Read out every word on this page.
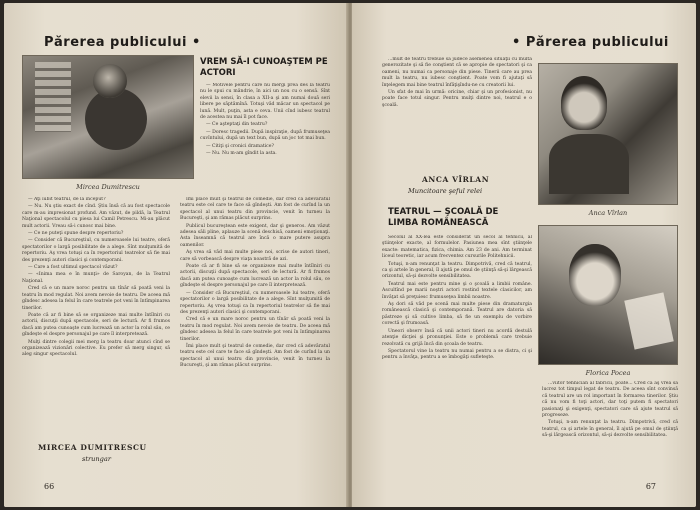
Părerea publicului •
Mircea Dumitrescu
VREM SĂ-I CUNOAŞTEM PE ACTORI

— Motivele pentru care nu mergi prea des la teatru nu le spui cu mândrie, în aici un nou cu o sensă. Sînt elevii la sensi, în clasa a XII-a şi am numai două seri libere pe săptămînă. Totuşi văd măcar un spectacol pe lună. Mult, puţin, asta e ceva. Unii cînd iubesc teatrul de acestea nu mai îl pot face.

— Ce aşteptaţi din teatru?

— Doresc tragedii. După inspiraţie, după frumuseţea cuvîntului, după un text bun, după un joc tot mai bun.

— Citiţi şi cronici dramatice?

— Nu. Nu m-am gîndit la asta.

— Aţi iubit teatrul, de la început?

— Nu. Nu ştiu exact de cînd. Ştiu însă că au fost spectacole care m-au impresionat profund. Am văzut, de pildă, la Teatrul Naţional spectacolul cu piesa lui Camil Petrescu. Mi-au plăcut mult actorii. Vreau să-i cunosc mai bine.

— Ce ne puteţi spune despre repertoriu?

— Consider că Bucureştiul, cu numeroasele lui teatre, oferă spectatorilor o largă posibilitate de a alege. Sînt mulţumită de repertoriu. Aş vrea totuşi ca în repertoriul teatrelor să fie mai des prezenţi autori clasici şi contemporani.

— Care a fost ultimul spectacol văzut?

— «Inima mea e în munţi» de Saroyan, de la Teatrul Naţional.

Cred că e un mare noroc pentru un tînăr să poată veni la teatru în mod regulat. Noi avem nevoie de teatru. De aceea mă gîndesc adesea la felul în care teatrele pot veni în întîmpinarea tinerilor.

Poate că ar fi bine să se organizeze mai multe întîlniri cu actorii, discuţii după spectacole, seri de lectură. Ar fi frumos dacă am putea cunoaşte cum lucrează un actor la rolul său, ce gîndeşte el despre personajul pe care îl interpretează.

Mulţi dintre colegii mei merg la teatru doar atunci cînd se organizează vizionări colective. Eu prefer să merg singur, să aleg singur spectacolul.

Îmi place mult şi teatrul de comedie, dar cred că adevăratul teatru este cel care te face să gîndeşti. Am fost de curînd la un spectacol al unui teatru din provincie, venit în turneu la Bucureşti, şi am rămas plăcut surprins.

Publicul bucureştean este exigent, dar şi generos. Am văzut adesea săli pline, aplauze la scenă deschisă, oameni emoţionaţi. Asta înseamnă că teatrul are încă o mare putere asupra oamenilor.

Aş vrea să văd mai multe piese noi, scrise de autori tineri, care să vorbească despre viaţa noastră de azi.

Poate că ar fi bine să se organizeze mai multe întîlniri cu actorii, discuţii după spectacole, seri de lectură. Ar fi frumos dacă am putea cunoaşte cum lucrează un actor la rolul său, ce gîndeşte el despre personajul pe care îl interpretează.

— Consider că Bucureştiul, cu numeroasele lui teatre, oferă spectatorilor o largă posibilitate de a alege. Sînt mulţumită de repertoriu. Aş vrea totuşi ca în repertoriul teatrelor să fie mai des prezenţi autori clasici şi contemporani.

Cred că e un mare noroc pentru un tînăr să poată veni la teatru în mod regulat. Noi avem nevoie de teatru. De aceea mă gîndesc adesea la felul în care teatrele pot veni în întîmpinarea tinerilor.

Îmi place mult şi teatrul de comedie, dar cred că adevăratul teatru este cel care te face să gîndeşti. Am fost de curînd la un spectacol al unui teatru din provincie, venit în turneu la Bucureşti, şi am rămas plăcut surprins.

MIRCEA DUMITRESCU
strungar
66
• Părerea publicului

...mult de teatru trebuie să judece asemenea situaţii cu multă generozitate şi să fie conştient că se apropie de spectatori şi ca oameni, nu numai ca personaje din piese. Tinerii care au prea mult la teatru, nu iubesc conştient. Poate vom fi ajutaţi să înţelegem mai bine teatrul înfăţişîndu-ne cu creatorii lui.

Un sfat de mai în urmă: oricine, chiar şi un profesionist, nu poate face totul singur. Pentru mulţi dintre noi, teatrul e o şcoală.

Anca Vîrlan
ANCA VÎRLAN
Muncitoare şeful relei
TEATRUL — ŞCOALĂ DE LIMBA ROMÂNEASCĂ

Secolul al XX-lea este considerat un secol al tehnicii, al ştiinţelor exacte, al formulelor. Pasiunea mea sînt ştiinţele exacte: matematica, fizica, chimia. Am 23 de ani. Am terminat liceul teoretic, iar acum frecventez cursurile Politehnicii.

Totuşi, n-am renunţat la teatru. Dimpotrivă, cred că teatrul, ca şi artele în general, îl ajută pe omul de ştiinţă să-şi lărgească orizontul, să-şi dezvolte sensibilitatea.

Teatrul mai este pentru mine şi o şcoală a limbii române. Ascultînd pe marii noştri actori rostind textele clasicilor, am învăţat să preţuiesc frumuseţea limbii noastre.

Aş dori să văd pe scenă mai multe piese din dramaturgia românească clasică şi contemporană. Teatrul are datoria să păstreze şi să cultive limba, să fie un exemplu de vorbire corectă şi frumoasă.

Uneori observ însă că unii actori tineri nu acordă destulă atenţie dicţiei şi pronunţiei. Este o problemă care trebuie rezolvată cu grijă încă din şcoala de teatru.

Spectatorul vine la teatru nu numai pentru a se distra, ci şi pentru a învăţa, pentru a se îmbogăţi sufleteşte.

Florica Pocea

...viitor tehnician al fabricii, poate... Cred că aş vrea să lucrez tot timpul legat de teatru. De aceea sînt convinsă că teatrul are un rol important în formarea tinerilor. Ştiu că nu vom fi toţi actori, dar toţi putem fi spectatori pasionaţi şi exigenţi, spectatori care să ajute teatrul să progreseze.

Totuşi, n-am renunţat la teatru. Dimpotrivă, cred că teatrul, ca şi artele în general, îl ajută pe omul de ştiinţă să-şi lărgească orizontul, să-şi dezvolte sensibilitatea.

67
